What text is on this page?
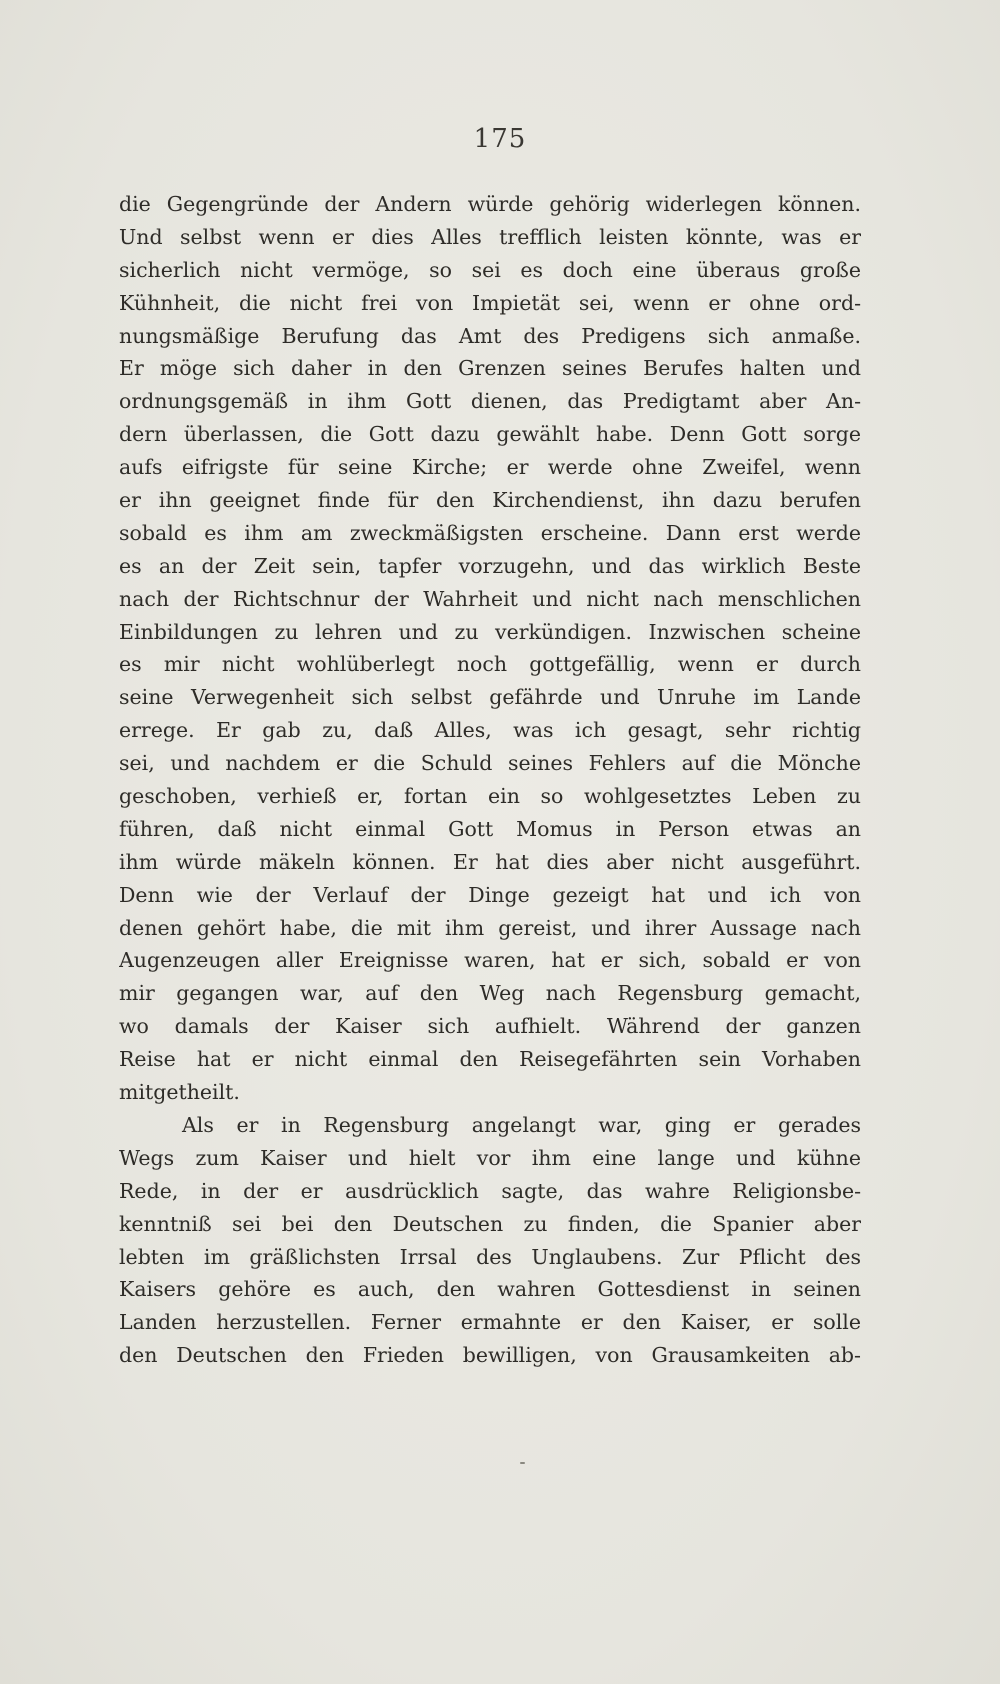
175
die Gegengründe der Andern würde gehörig widerlegen können.
Und selbst wenn er dies Alles trefflich leisten könnte, was er
sicherlich nicht vermöge, so sei es doch eine überaus große
Kühnheit, die nicht frei von Impietät sei, wenn er ohne ord-
nungsmäßige Berufung das Amt des Predigens sich anmaße.
Er möge sich daher in den Grenzen seines Berufes halten und
ordnungsgemäß in ihm Gott dienen, das Predigtamt aber An-
dern überlassen, die Gott dazu gewählt habe. Denn Gott sorge
aufs eifrigste für seine Kirche; er werde ohne Zweifel, wenn
er ihn geeignet finde für den Kirchendienst, ihn dazu berufen
sobald es ihm am zweckmäßigsten erscheine. Dann erst werde
es an der Zeit sein, tapfer vorzugehn, und das wirklich Beste
nach der Richtschnur der Wahrheit und nicht nach menschlichen
Einbildungen zu lehren und zu verkündigen. Inzwischen scheine
es mir nicht wohlüberlegt noch gottgefällig, wenn er durch
seine Verwegenheit sich selbst gefährde und Unruhe im Lande
errege. Er gab zu, daß Alles, was ich gesagt, sehr richtig
sei, und nachdem er die Schuld seines Fehlers auf die Mönche
geschoben, verhieß er, fortan ein so wohlgesetztes Leben zu
führen, daß nicht einmal Gott Momus in Person etwas an
ihm würde mäkeln können. Er hat dies aber nicht ausgeführt.
Denn wie der Verlauf der Dinge gezeigt hat und ich von
denen gehört habe, die mit ihm gereist, und ihrer Aussage nach
Augenzeugen aller Ereignisse waren, hat er sich, sobald er von
mir gegangen war, auf den Weg nach Regensburg gemacht,
wo damals der Kaiser sich aufhielt. Während der ganzen
Reise hat er nicht einmal den Reisegefährten sein Vorhaben
mitgetheilt.
Als er in Regensburg angelangt war, ging er gerades
Wegs zum Kaiser und hielt vor ihm eine lange und kühne
Rede, in der er ausdrücklich sagte, das wahre Religionsbe-
kenntniß sei bei den Deutschen zu finden, die Spanier aber
lebten im gräßlichsten Irrsal des Unglaubens. Zur Pflicht des
Kaisers gehöre es auch, den wahren Gottesdienst in seinen
Landen herzustellen. Ferner ermahnte er den Kaiser, er solle
den Deutschen den Frieden bewilligen, von Grausamkeiten ab-
